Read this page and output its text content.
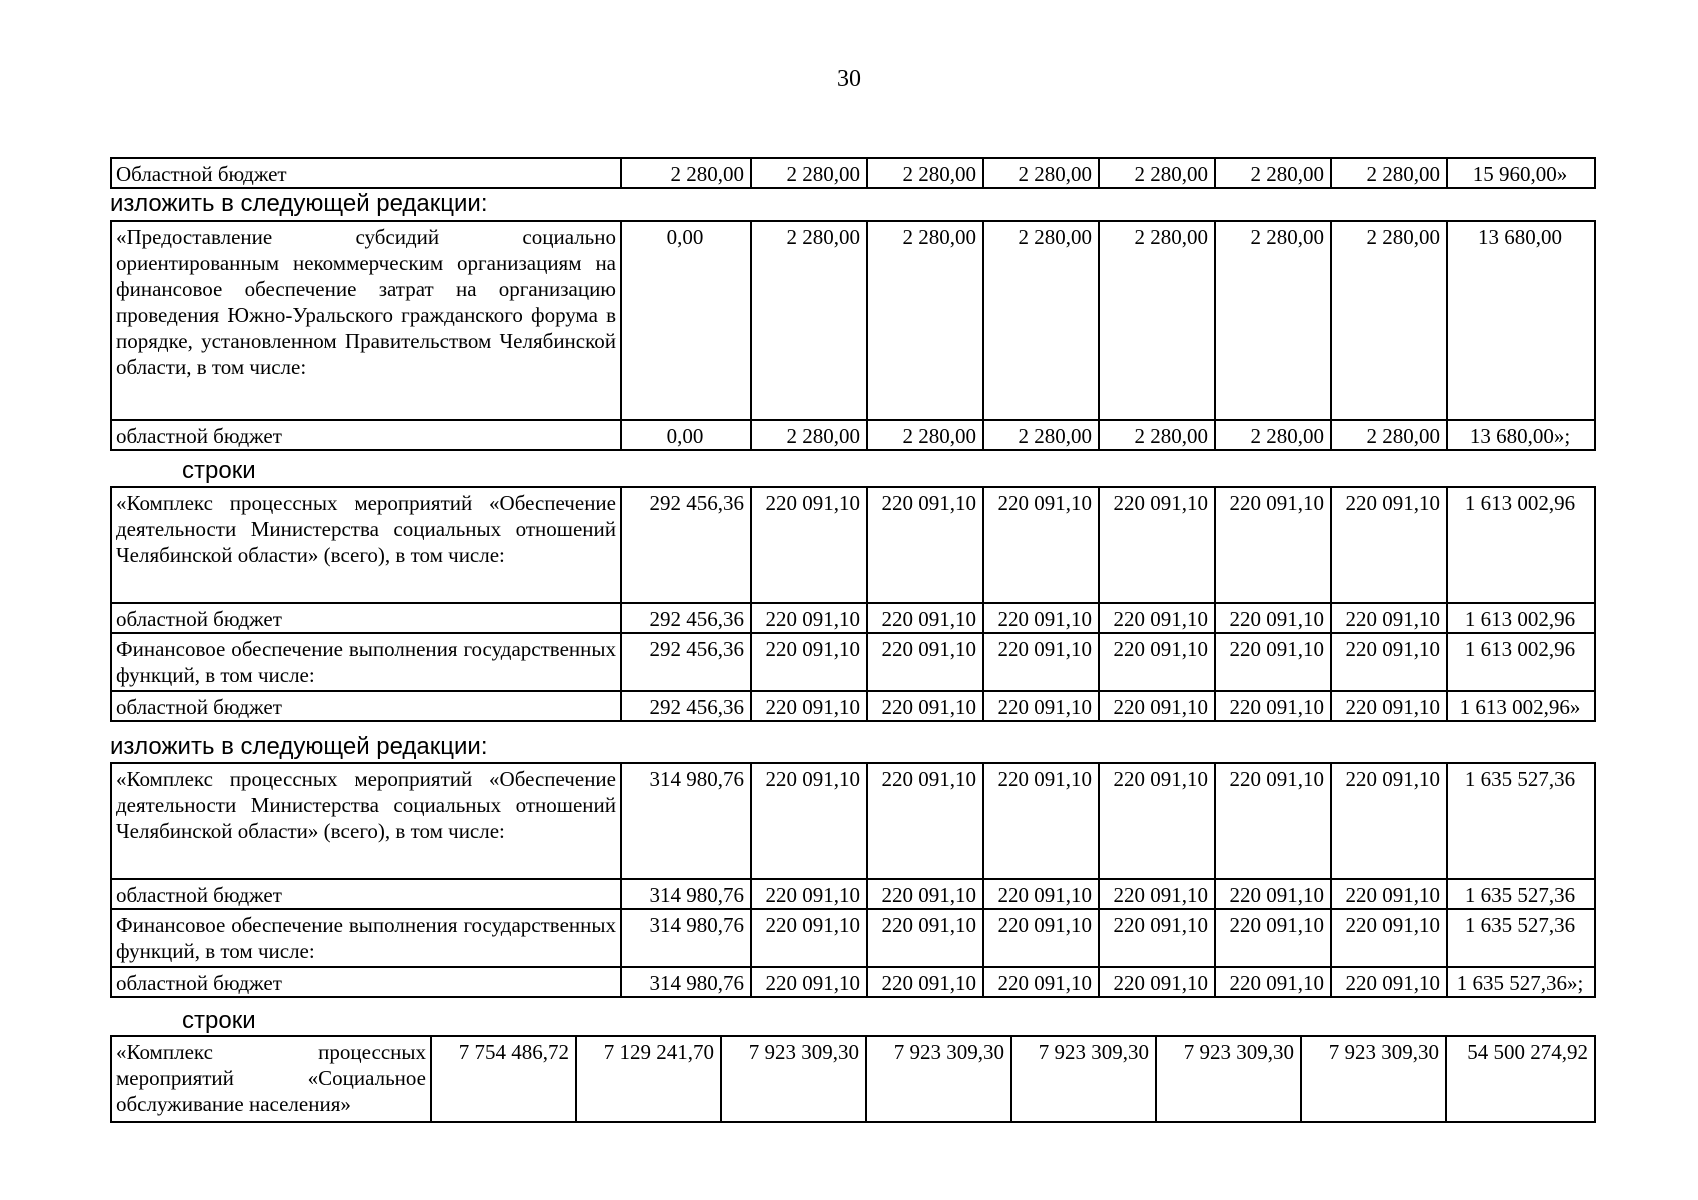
30
Областной бюджет	2 280,00	2 280,00	2 280,00	2 280,00	2 280,00	2 280,00	2 280,00	15 960,00»
изложить в следующей редакции:
«Предоставление субсидий социально ориентированным некоммерческим организациям на финансовое обеспечение затрат на организацию проведения Южно-Уральского гражданского форума в порядке, установленном Правительством Челябинской области, в том числе:	0,00	2 280,00	2 280,00	2 280,00	2 280,00	2 280,00	2 280,00	13 680,00
областной бюджет	0,00	2 280,00	2 280,00	2 280,00	2 280,00	2 280,00	2 280,00	13 680,00»;
строки
«Комплекс процессных мероприятий «Обеспечение деятельности Министерства социальных отношений Челябинской области» (всего), в том числе:	292 456,36	220 091,10	220 091,10	220 091,10	220 091,10	220 091,10	220 091,10	1 613 002,96
областной бюджет	292 456,36	220 091,10	220 091,10	220 091,10	220 091,10	220 091,10	220 091,10	1 613 002,96
Финансовое обеспечение выполнения государственных функций, в том числе:	292 456,36	220 091,10	220 091,10	220 091,10	220 091,10	220 091,10	220 091,10	1 613 002,96
областной бюджет	292 456,36	220 091,10	220 091,10	220 091,10	220 091,10	220 091,10	220 091,10	1 613 002,96»
изложить в следующей редакции:
«Комплекс процессных мероприятий «Обеспечение деятельности Министерства социальных отношений Челябинской области» (всего), в том числе:	314 980,76	220 091,10	220 091,10	220 091,10	220 091,10	220 091,10	220 091,10	1 635 527,36
областной бюджет	314 980,76	220 091,10	220 091,10	220 091,10	220 091,10	220 091,10	220 091,10	1 635 527,36
Финансовое обеспечение выполнения государственных функций, в том числе:	314 980,76	220 091,10	220 091,10	220 091,10	220 091,10	220 091,10	220 091,10	1 635 527,36
областной бюджет	314 980,76	220 091,10	220 091,10	220 091,10	220 091,10	220 091,10	220 091,10	1 635 527,36»;
строки
«Комплекс процессных мероприятий «Социальное обслуживание населения»	7 754 486,72	7 129 241,70	7 923 309,30	7 923 309,30	7 923 309,30	7 923 309,30	7 923 309,30	54 500 274,92
